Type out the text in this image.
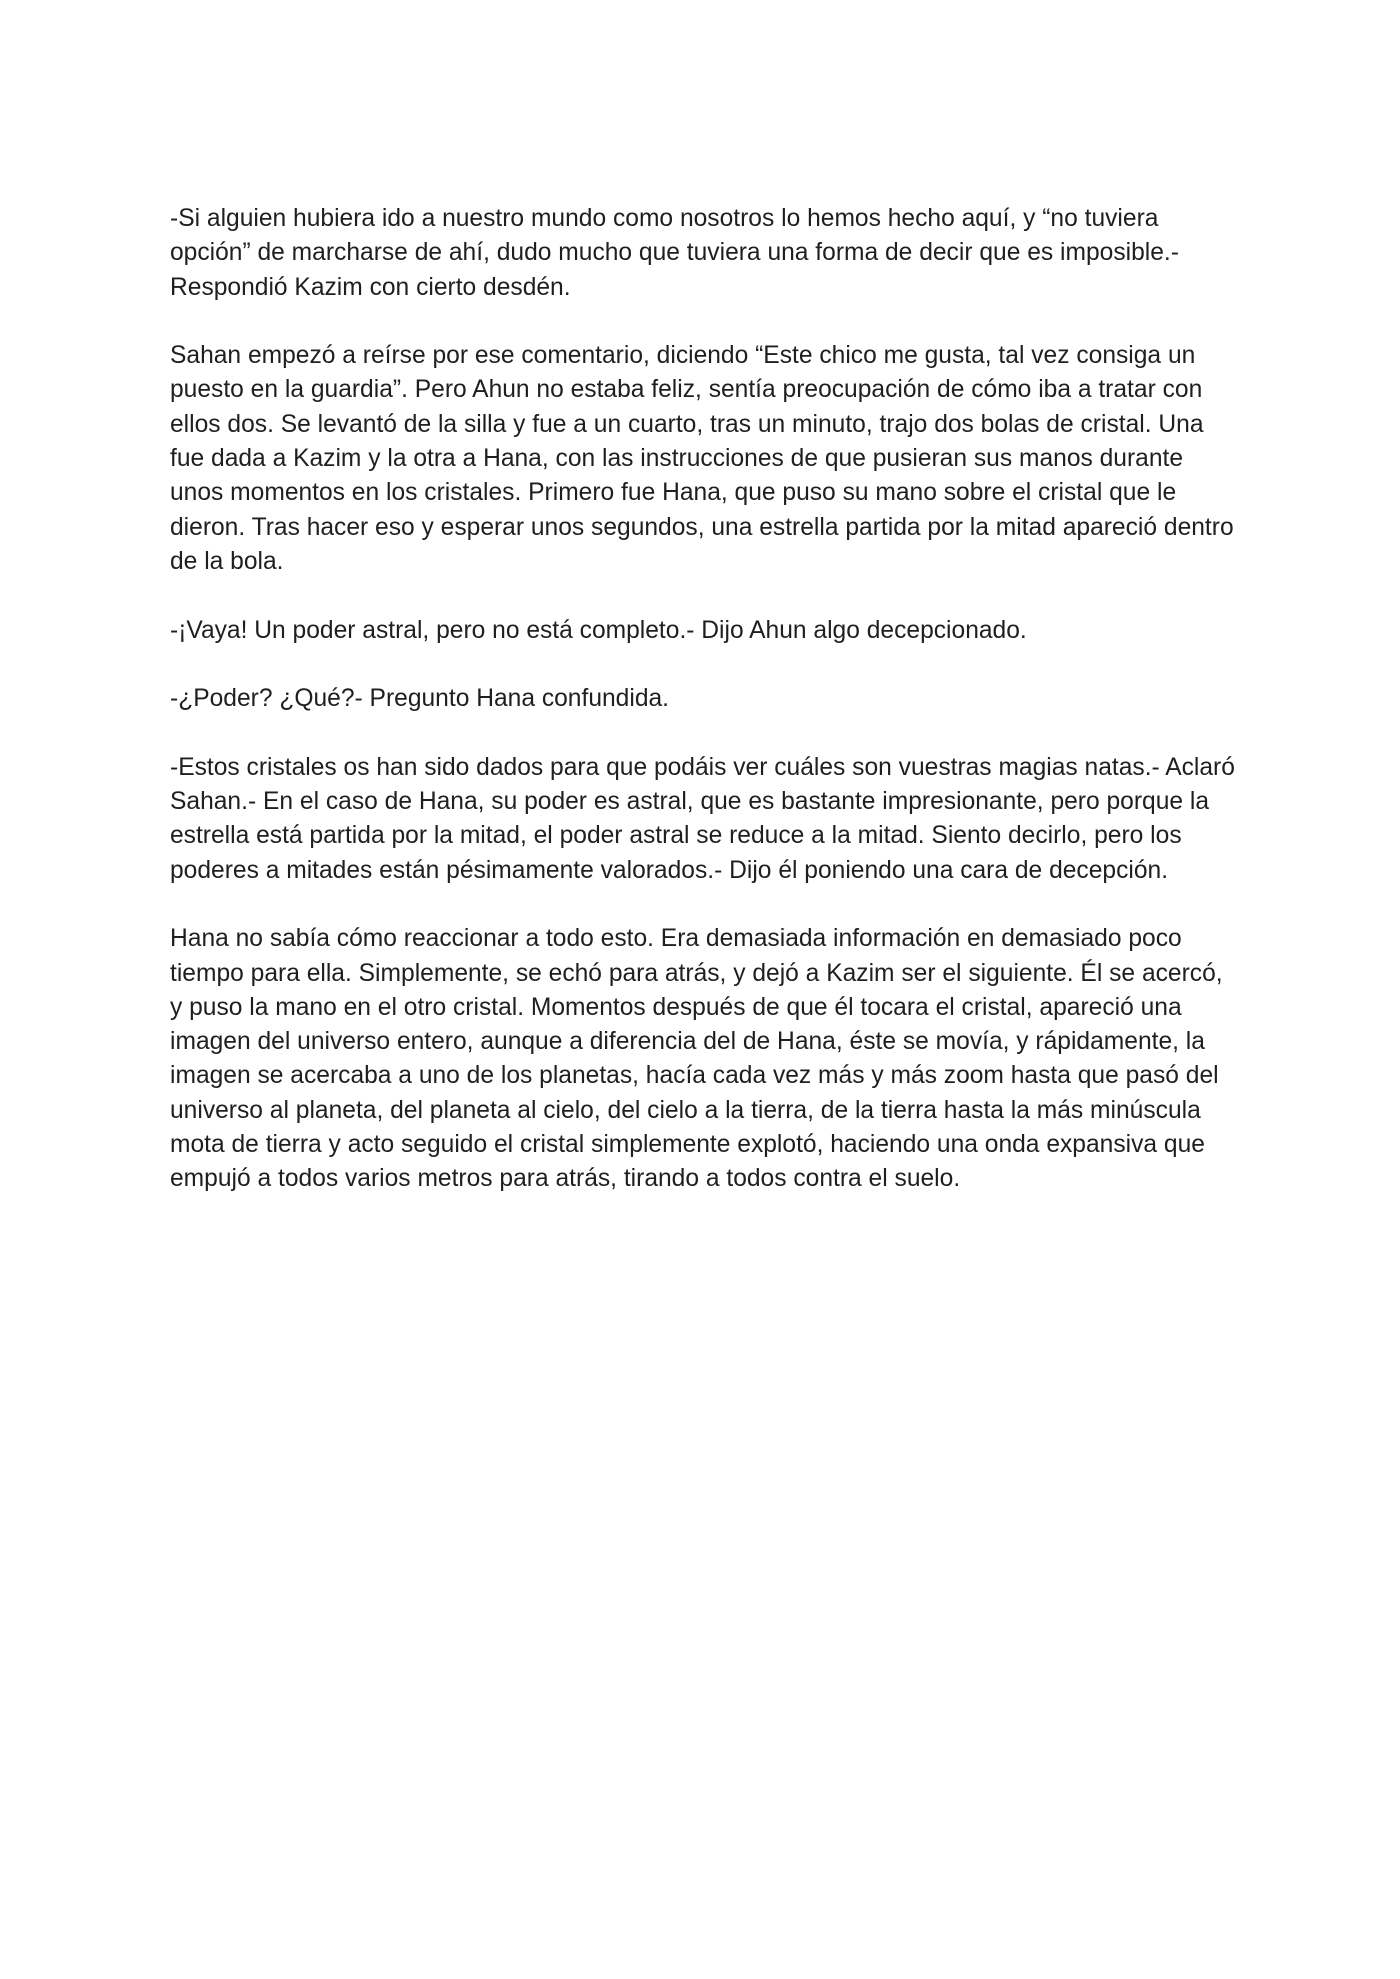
-Si alguien hubiera ido a nuestro mundo como nosotros lo hemos hecho aquí, y “no tuviera opción” de marcharse de ahí, dudo mucho que tuviera una forma de decir que es imposible.- Respondió Kazim con cierto desdén.

Sahan empezó a reírse por ese comentario, diciendo “Este chico me gusta, tal vez consiga un puesto en la guardia”. Pero Ahun no estaba feliz, sentía preocupación de cómo iba a tratar con ellos dos. Se levantó de la silla y fue a un cuarto, tras un minuto, trajo dos bolas de cristal. Una fue dada a Kazim y la otra a Hana, con las instrucciones de que pusieran sus manos durante unos momentos en los cristales. Primero fue Hana, que puso su mano sobre el cristal que le dieron. Tras hacer eso y esperar unos segundos, una estrella partida por la mitad apareció dentro de la bola.

-¡Vaya! Un poder astral, pero no está completo.- Dijo Ahun algo decepcionado.

-¿Poder? ¿Qué?- Pregunto Hana confundida.

-Estos cristales os han sido dados para que podáis ver cuáles son vuestras magias natas.- Aclaró Sahan.- En el caso de Hana, su poder es astral, que es bastante impresionante, pero porque la estrella está partida por la mitad, el poder astral se reduce a la mitad. Siento decirlo, pero los poderes a mitades están pésimamente valorados.- Dijo él poniendo una cara de decepción.

Hana no sabía cómo reaccionar a todo esto. Era demasiada información en demasiado poco tiempo para ella. Simplemente, se echó para atrás, y dejó a Kazim ser el siguiente. Él se acercó, y puso la mano en el otro cristal. Momentos después de que él tocara el cristal, apareció una imagen del universo entero, aunque a diferencia del de Hana, éste se movía, y rápidamente, la imagen se acercaba a uno de los planetas, hacía cada vez más y más zoom hasta que pasó del universo al planeta, del planeta al cielo, del cielo a la tierra, de la tierra hasta la más minúscula mota de tierra y acto seguido el cristal simplemente explotó, haciendo una onda expansiva que empujó a todos varios metros para atrás, tirando a todos contra el suelo.
